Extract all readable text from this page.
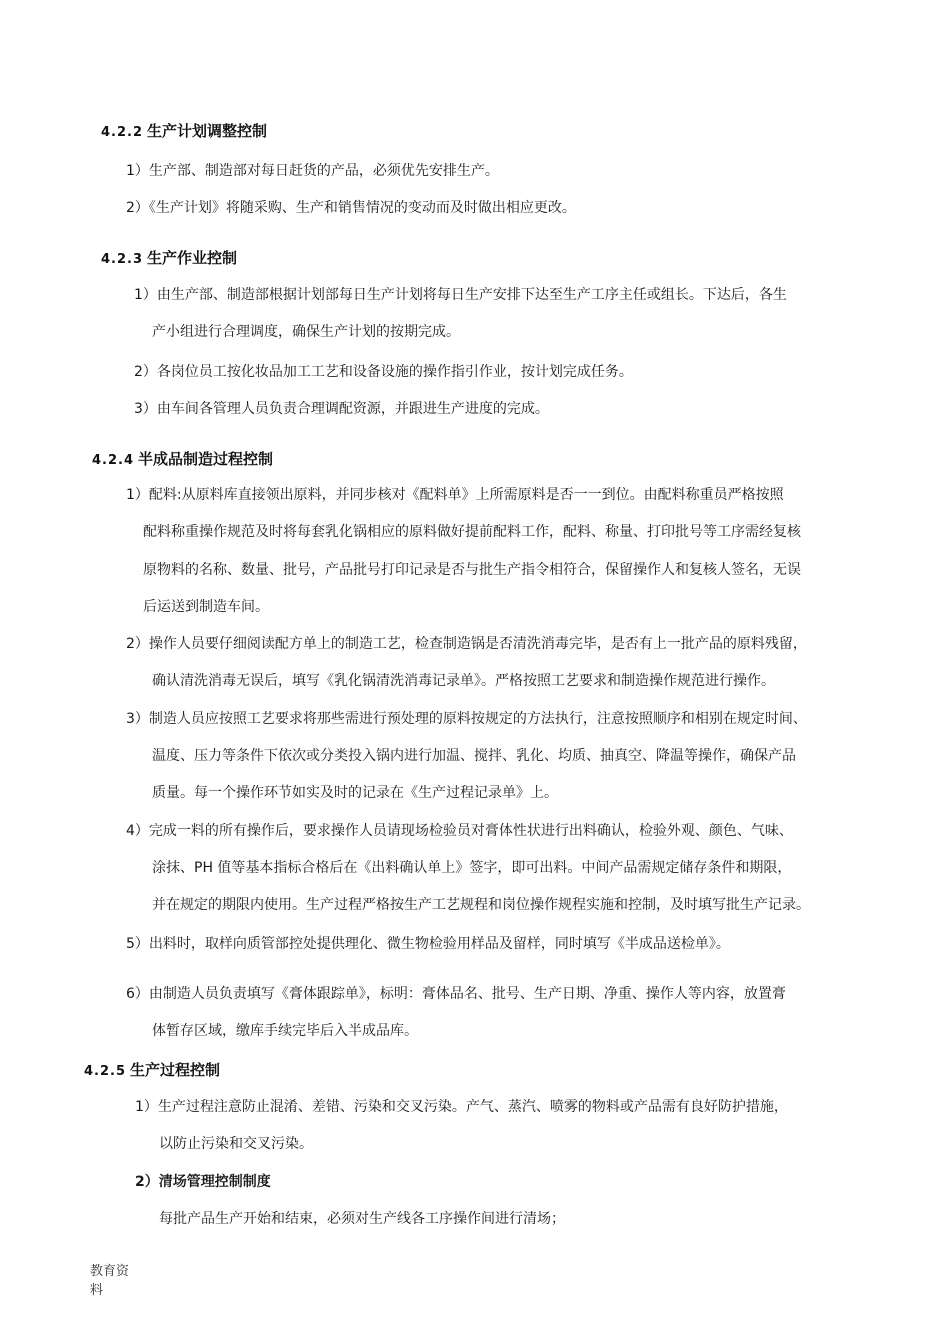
4.2.2 生产计划调整控制
1）生产部、制造部对每日赶货的产品，必须优先安排生产。
2）《生产计划》将随采购、生产和销售情况的变动而及时做出相应更改。
4.2.3 生产作业控制
1）由生产部、制造部根据计划部每日生产计划将每日生产安排下达至生产工序主任或组长。下达后，各生
产小组进行合理调度，确保生产计划的按期完成。
2）各岗位员工按化妆品加工工艺和设备设施的操作指引作业，按计划完成任务。
3）由车间各管理人员负责合理调配资源，并跟进生产进度的完成。
4.2.4 半成品制造过程控制
1）配料:从原料库直接领出原料，并同步核对《配料单》上所需原料是否一一到位。由配料称重员严格按照
配料称重操作规范及时将每套乳化锅相应的原料做好提前配料工作，配料、称量、打印批号等工序需经复核
原物料的名称、数量、批号，产品批号打印记录是否与批生产指令相符合，保留操作人和复核人签名，无误
后运送到制造车间。
2）操作人员要仔细阅读配方单上的制造工艺，检查制造锅是否清洗消毒完毕，是否有上一批产品的原料残留，
确认清洗消毒无误后，填写《乳化锅清洗消毒记录单》。严格按照工艺要求和制造操作规范进行操作。
3）制造人员应按照工艺要求将那些需进行预处理的原料按规定的方法执行，注意按照顺序和相别在规定时间、
温度、压力等条件下依次或分类投入锅内进行加温、搅拌、乳化、均质、抽真空、降温等操作，确保产品
质量。每一个操作环节如实及时的记录在《生产过程记录单》上。
4）完成一料的所有操作后，要求操作人员请现场检验员对膏体性状进行出料确认，检验外观、颜色、气味、
涂抹、PH 值等基本指标合格后在《出料确认单上》签字，即可出料。中间产品需规定储存条件和期限，
并在规定的期限内使用。生产过程严格按生产工艺规程和岗位操作规程实施和控制，及时填写批生产记录。
5）出料时，取样向质管部控处提供理化、微生物检验用样品及留样，同时填写《半成品送检单》。
6）由制造人员负责填写《膏体跟踪单》，标明：膏体品名、批号、生产日期、净重、操作人等内容，放置膏
体暂存区域，缴库手续完毕后入半成品库。
4.2.5 生产过程控制
1）生产过程注意防止混淆、差错、污染和交叉污染。产气、蒸汽、喷雾的物料或产品需有良好防护措施，
以防止污染和交叉污染。
2）清场管理控制制度
每批产品生产开始和结束，必须对生产线各工序操作间进行清场；
教育资
料
